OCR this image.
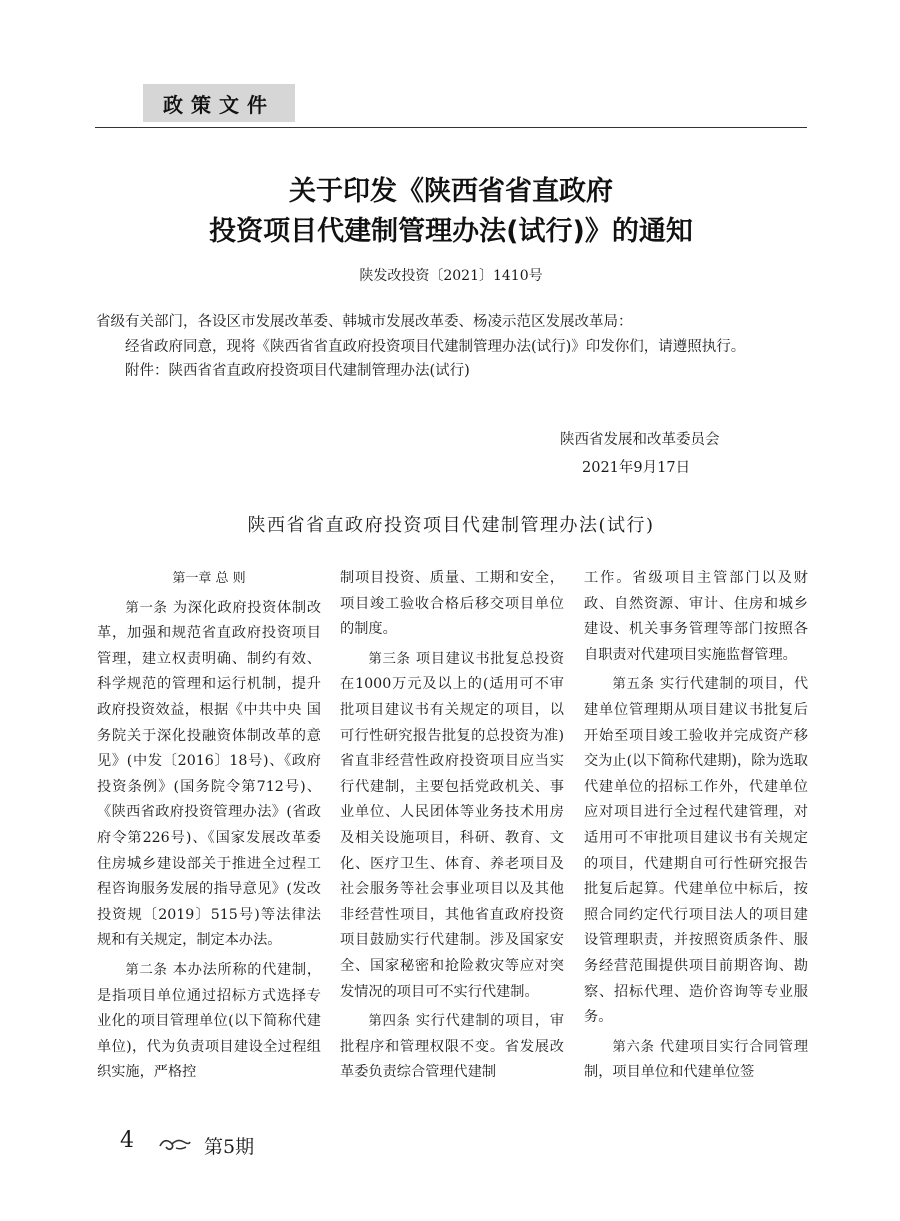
政策文件
关于印发《陕西省省直政府
投资项目代建制管理办法(试行)》的通知
陕发改投资〔2021〕1410号
省级有关部门，各设区市发展改革委、韩城市发展改革委、杨凌示范区发展改革局：
经省政府同意，现将《陕西省省直政府投资项目代建制管理办法(试行)》印发你们，请遵照执行。
附件：陕西省省直政府投资项目代建制管理办法(试行)
陕西省发展和改革委员会
2021年9月17日
陕西省省直政府投资项目代建制管理办法(试行)

第一章 总 则

第一条 为深化政府投资体制改革，加强和规范省直政府投资项目管理，建立权责明确、制约有效、科学规范的管理和运行机制，提升政府投资效益，根据《中共中央 国务院关于深化投融资体制改革的意见》(中发〔2016〕18号)、《政府投资条例》(国务院令第712号)、《陕西省政府投资管理办法》(省政府令第226号)、《国家发展改革委 住房城乡建设部关于推进全过程工程咨询服务发展的指导意见》(发改投资规〔2019〕515号)等法律法规和有关规定，制定本办法。

第二条 本办法所称的代建制，是指项目单位通过招标方式选择专业化的项目管理单位(以下简称代建单位)，代为负责项目建设全过程组织实施，严格控

制项目投资、质量、工期和安全，项目竣工验收合格后移交项目单位的制度。

第三条 项目建议书批复总投资在1000万元及以上的(适用可不审批项目建议书有关规定的项目，以可行性研究报告批复的总投资为准)省直非经营性政府投资项目应当实行代建制，主要包括党政机关、事业单位、人民团体等业务技术用房及相关设施项目，科研、教育、文化、医疗卫生、体育、养老项目及社会服务等社会事业项目以及其他非经营性项目，其他省直政府投资项目鼓励实行代建制。涉及国家安全、国家秘密和抢险救灾等应对突发情况的项目可不实行代建制。

第四条 实行代建制的项目，审批程序和管理权限不变。省发展改革委负责综合管理代建制

工作。省级项目主管部门以及财政、自然资源、审计、住房和城乡建设、机关事务管理等部门按照各自职责对代建项目实施监督管理。

第五条 实行代建制的项目，代建单位管理期从项目建议书批复后开始至项目竣工验收并完成资产移交为止(以下简称代建期)，除为选取代建单位的招标工作外，代建单位应对项目进行全过程代建管理，对适用可不审批项目建议书有关规定的项目，代建期自可行性研究报告批复后起算。代建单位中标后，按照合同约定代行项目法人的项目建设管理职责，并按照资质条件、服务经营范围提供项目前期咨询、勘察、招标代理、造价咨询等专业服务。

第六条 代建项目实行合同管理制，项目单位和代建单位签

4	第5期
